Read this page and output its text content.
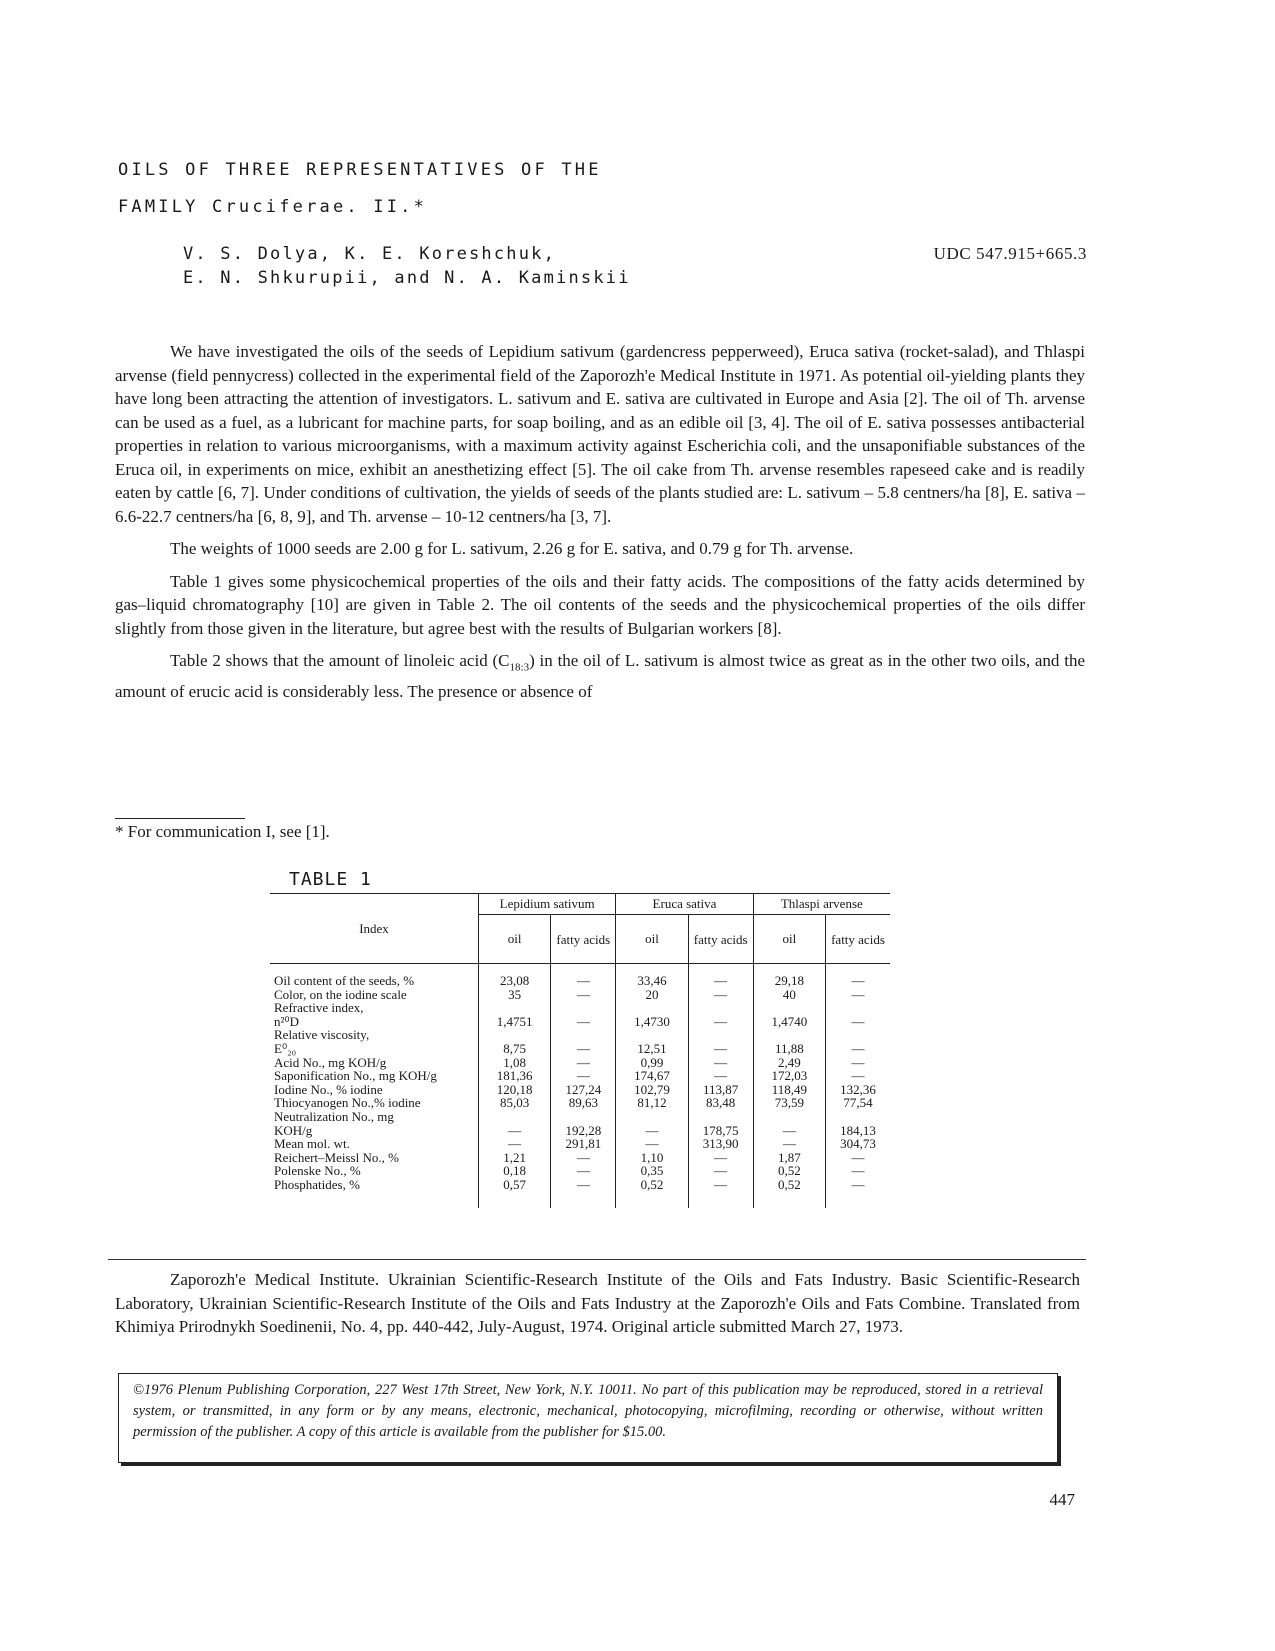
OILS OF THREE REPRESENTATIVES OF THE
FAMILY Cruciferae. II.*
V. S. Dolya, K. E. Koreshchuk,
E. N. Shkurupii, and N. A. Kaminskii
UDC 547.915+665.3

We have investigated the oils of the seeds of Lepidium sativum (gardencress pepperweed), Eruca sativa (rocket-salad), and Thlaspi arvense (field pennycress) collected in the experimental field of the Zaporozh'e Medical Institute in 1971. As potential oil-yielding plants they have long been attracting the attention of investigators. L. sativum and E. sativa are cultivated in Europe and Asia [2]. The oil of Th. arvense can be used as a fuel, as a lubricant for machine parts, for soap boiling, and as an edible oil [3, 4]. The oil of E. sativa possesses antibacterial properties in relation to various microorganisms, with a maximum activity against Escherichia coli, and the unsaponifiable substances of the Eruca oil, in experiments on mice, exhibit an anesthetizing effect [5]. The oil cake from Th. arvense resembles rapeseed cake and is readily eaten by cattle [6, 7]. Under conditions of cultivation, the yields of seeds of the plants studied are: L. sativum – 5.8 centners/ha [8], E. sativa – 6.6-22.7 centners/ha [6, 8, 9], and Th. arvense – 10-12 centners/ha [3, 7].

The weights of 1000 seeds are 2.00 g for L. sativum, 2.26 g for E. sativa, and 0.79 g for Th. arvense.

Table 1 gives some physicochemical properties of the oils and their fatty acids. The compositions of the fatty acids determined by gas–liquid chromatography [10] are given in Table 2. The oil contents of the seeds and the physicochemical properties of the oils differ slightly from those given in the literature, but agree best with the results of Bulgarian workers [8].

Table 2 shows that the amount of linoleic acid $(C_{18:3})$ in the oil of L. sativum is almost twice as great as in the other two oils, and the amount of erucic acid is considerably less. The presence or absence of

* For communication I, see [1].
TABLE 1
Index	Lepidium sativum		Eruca sativa		Thlaspi arvense	
	oil	fatty acids	oil	fatty acids	oil	fatty acids
Oil content of the seeds, %	23,08	—	33,46	—	29,18	—
Color, on the iodine scale	35	—	20	—	40	—
Refractive index,						
n²⁰D	1,4751	—	1,4730	—	1,4740	—
Relative viscosity,						
E⁰₂₀	8,75	—	12,51	—	11,88	—
Acid No., mg KOH/g	1,08	—	0,99	—	2,49	—
Saponification No., mg KOH/g	181,36	—	174,67	—	172,03	—
Iodine No., % iodine	120,18	127,24	102,79	113,87	118,49	132,36
Thiocyanogen No.,% iodine	85,03	89,63	81,12	83,48	73,59	77,54
Neutralization No., mg						
KOH/g	—	192,28	—	178,75	—	184,13
Mean mol. wt.	—	291,81	—	313,90	—	304,73
Reichert–Meissl No., %	1,21	—	1,10	—	1,87	—
Polenske No., %	0,18	—	0,35	—	0,52	—
Phosphatides, %	0,57	—	0,52	—	0,52	—

Zaporozh'e Medical Institute. Ukrainian Scientific-Research Institute of the Oils and Fats Industry. Basic Scientific-Research Laboratory, Ukrainian Scientific-Research Institute of the Oils and Fats Industry at the Zaporozh'e Oils and Fats Combine. Translated from Khimiya Prirodnykh Soedinenii, No. 4, pp. 440-442, July-August, 1974. Original article submitted March 27, 1973.

©1976 Plenum Publishing Corporation, 227 West 17th Street, New York, N.Y. 10011. No part of this publication may be reproduced, stored in a retrieval system, or transmitted, in any form or by any means, electronic, mechanical, photocopying, microfilming, recording or otherwise, without written permission of the publisher. A copy of this article is available from the publisher for $15.00.
447
